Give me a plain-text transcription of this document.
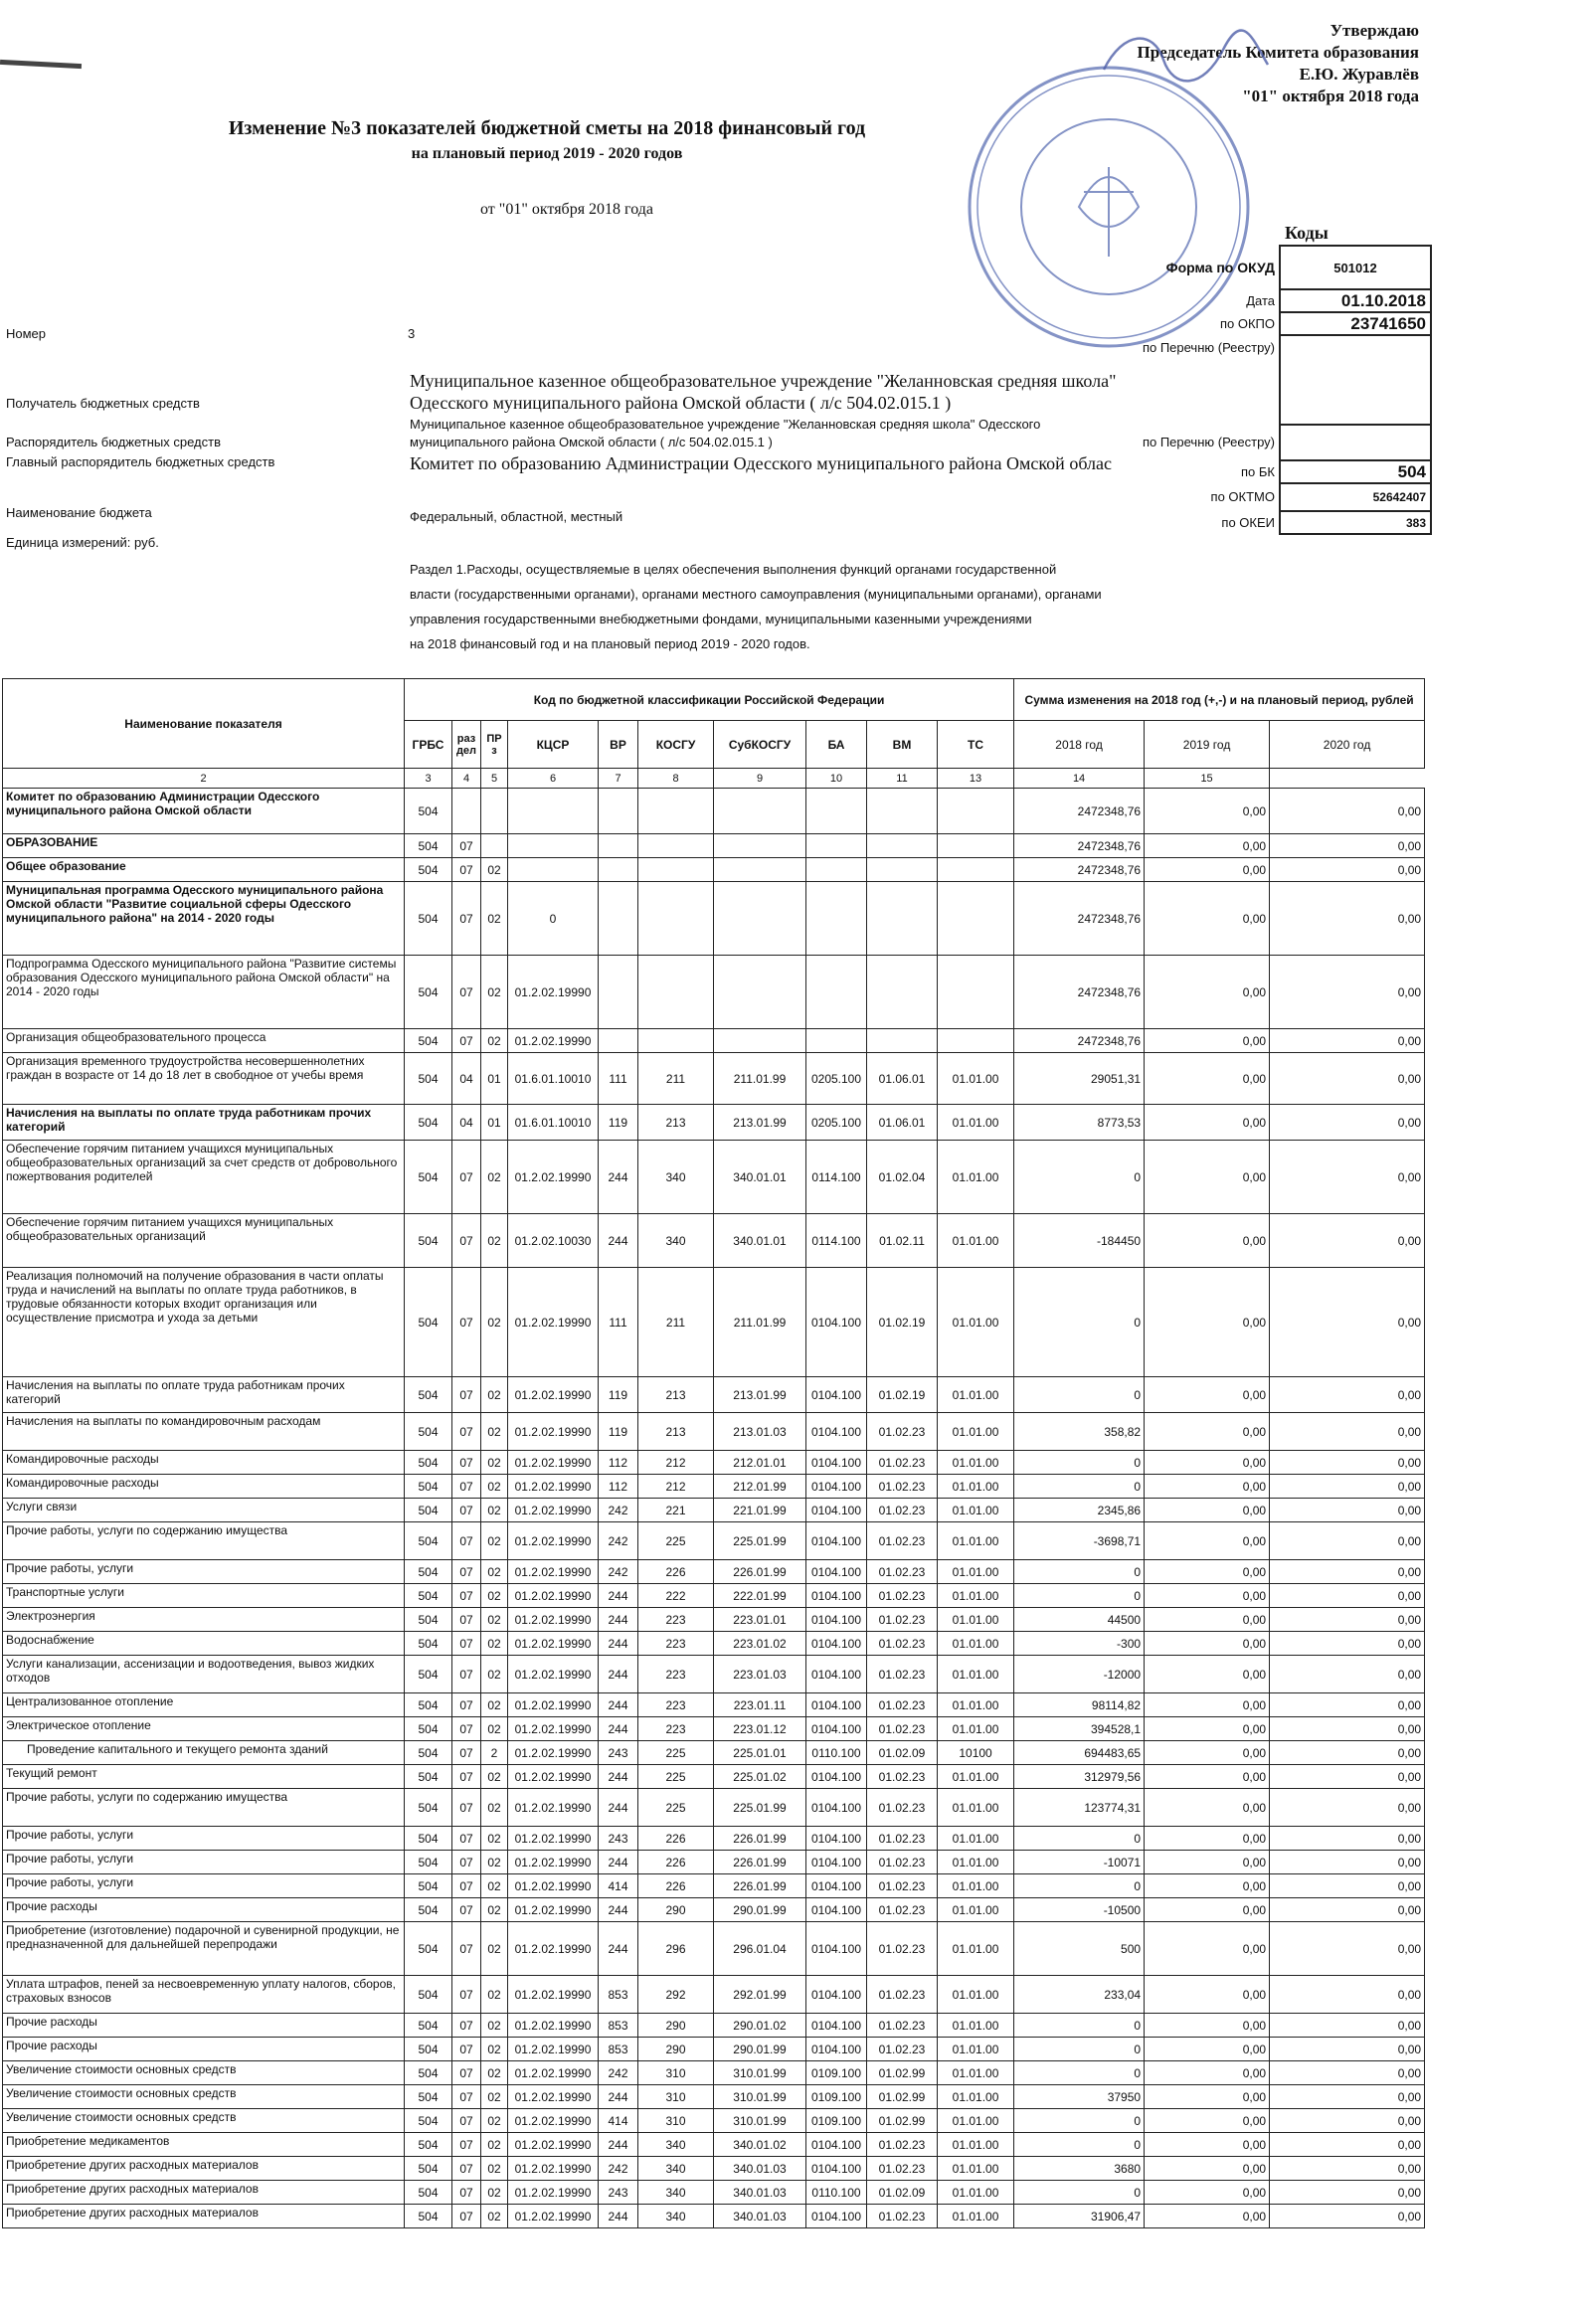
Утверждаю
Председатель Комитета образования
Е.Ю. Журавлёв
"01" октября 2018 года
Изменение №3 показателей бюджетной сметы на 2018 финансовый год
на плановый период 2019 - 2020 годов
от "01" октября 2018 года
Коды
Форма по ОКУД	501012
Дата	01.10.2018
по ОКПО	23741650
по Перечню (Реестру)	
по Перечню (Реестру)	
по БК	504
по ОКТМО	52642407
по ОКЕИ	383
Номер	3
Получатель бюджетных средств
Муниципальное казенное общеобразовательное учреждение "Желанновская средняя школа" Одесского муниципального района Омской области ( л/с 504.02.015.1 )
Распорядитель бюджетных средств
Муниципальное казенное общеобразовательное учреждение "Желанновская средняя школа" Одесского муниципального района Омской области ( л/с 504.02.015.1 )
Главный распорядитель бюджетных средств	Комитет по образованию Администрации Одесского муниципального района Омской облас
Наименование бюджета	Федеральный, областной, местный
Единица измерений: руб.
Раздел 1.Расходы, осуществляемые в целях обеспечения выполнения функций органами государственной
власти (государственными органами), органами местного самоуправления (муниципальными органами), органами
управления государственными внебюджетными фондами, муниципальными казенными учреждениями
на 2018 финансовый год и на плановый период 2019 - 2020 годов.
Наименование показателя	Код по бюджетной классификации Российской Федерации										Сумма изменения на 2018 год (+,-) и на плановый период, рублей		
	ГРБС	раздел	ПРз	КЦСР	ВР	КОСГУ	СубКОСГУ	БА	ВМ	ТС	2018 год	2019 год	2020 год
2	3	4	5	6	7	8	9	10	11	13	14	15	
Комитет по образованию Администрации Одесского муниципального района Омской области	504										2472348,76	0,00	0,00
ОБРАЗОВАНИЕ	504	07									2472348,76	0,00	0,00
Общее образование	504	07	02								2472348,76	0,00	0,00
Муниципальная программа Одесского муниципального района Омской области "Развитие социальной сферы Одесского муниципального района" на 2014 - 2020 годы	504	07	02	0							2472348,76	0,00	0,00
Подпрограмма Одесского муниципального района "Развитие системы образования Одесского муниципального района Омской области" на 2014 - 2020 годы	504	07	02	01.2.02.19990							2472348,76	0,00	0,00
Организация общеобразовательного процесса	504	07	02	01.2.02.19990							2472348,76	0,00	0,00
Организация временного трудоустройства несовершеннолетних граждан в возрасте от 14 до 18 лет в свободное от учебы время	504	04	01	01.6.01.10010	111	211	211.01.99	0205.100	01.06.01	01.01.00	29051,31	0,00	0,00
Начисления на выплаты по оплате труда работникам прочих категорий	504	04	01	01.6.01.10010	119	213	213.01.99	0205.100	01.06.01	01.01.00	8773,53	0,00	0,00
Обеспечение горячим питанием учащихся муниципальных общеобразовательных организаций за счет средств от добровольного пожертвования родителей	504	07	02	01.2.02.19990	244	340	340.01.01	0114.100	01.02.04	01.01.00	0	0,00	0,00
Обеспечение горячим питанием учащихся муниципальных общеобразовательных организаций	504	07	02	01.2.02.10030	244	340	340.01.01	0114.100	01.02.11	01.01.00	-184450	0,00	0,00
Реализация полномочий на получение образования в части оплаты труда и начислений на выплаты по оплате труда работников, в трудовые обязанности которых входит организация или осуществление присмотра и ухода за детьми	504	07	02	01.2.02.19990	111	211	211.01.99	0104.100	01.02.19	01.01.00	0	0,00	0,00
Начисления на выплаты по оплате труда работникам прочих категорий	504	07	02	01.2.02.19990	119	213	213.01.99	0104.100	01.02.19	01.01.00	0	0,00	0,00
Начисления на выплаты по командировочным расходам	504	07	02	01.2.02.19990	119	213	213.01.03	0104.100	01.02.23	01.01.00	358,82	0,00	0,00
Командировочные расходы	504	07	02	01.2.02.19990	112	212	212.01.01	0104.100	01.02.23	01.01.00	0	0,00	0,00
Командировочные расходы	504	07	02	01.2.02.19990	112	212	212.01.99	0104.100	01.02.23	01.01.00	0	0,00	0,00
Услуги связи	504	07	02	01.2.02.19990	242	221	221.01.99	0104.100	01.02.23	01.01.00	2345,86	0,00	0,00
Прочие работы, услуги по содержанию имущества	504	07	02	01.2.02.19990	242	225	225.01.99	0104.100	01.02.23	01.01.00	-3698,71	0,00	0,00
Прочие работы, услуги	504	07	02	01.2.02.19990	242	226	226.01.99	0104.100	01.02.23	01.01.00	0	0,00	0,00
Транспортные услуги	504	07	02	01.2.02.19990	244	222	222.01.99	0104.100	01.02.23	01.01.00	0	0,00	0,00
Электроэнергия	504	07	02	01.2.02.19990	244	223	223.01.01	0104.100	01.02.23	01.01.00	44500	0,00	0,00
Водоснабжение	504	07	02	01.2.02.19990	244	223	223.01.02	0104.100	01.02.23	01.01.00	-300	0,00	0,00
Услуги канализации, ассенизации и водоотведения, вывоз жидких отходов	504	07	02	01.2.02.19990	244	223	223.01.03	0104.100	01.02.23	01.01.00	-12000	0,00	0,00
Централизованное отопление	504	07	02	01.2.02.19990	244	223	223.01.11	0104.100	01.02.23	01.01.00	98114,82	0,00	0,00
Электрическое отопление	504	07	02	01.2.02.19990	244	223	223.01.12	0104.100	01.02.23	01.01.00	394528,1	0,00	0,00
Проведение капитального и текущего ремонта зданий	504	07	2	01.2.02.19990	243	225	225.01.01	0110.100	01.02.09	10100	694483,65	0,00	0,00
Текущий ремонт	504	07	02	01.2.02.19990	244	225	225.01.02	0104.100	01.02.23	01.01.00	312979,56	0,00	0,00
Прочие работы, услуги по содержанию имущества	504	07	02	01.2.02.19990	244	225	225.01.99	0104.100	01.02.23	01.01.00	123774,31	0,00	0,00
Прочие работы, услуги	504	07	02	01.2.02.19990	243	226	226.01.99	0104.100	01.02.23	01.01.00	0	0,00	0,00
Прочие работы, услуги	504	07	02	01.2.02.19990	244	226	226.01.99	0104.100	01.02.23	01.01.00	-10071	0,00	0,00
Прочие работы, услуги	504	07	02	01.2.02.19990	414	226	226.01.99	0104.100	01.02.23	01.01.00	0	0,00	0,00
Прочие расходы	504	07	02	01.2.02.19990	244	290	290.01.99	0104.100	01.02.23	01.01.00	-10500	0,00	0,00
Приобретение (изготовление) подарочной и сувенирной продукции, не предназначенной для дальнейшей перепродажи	504	07	02	01.2.02.19990	244	296	296.01.04	0104.100	01.02.23	01.01.00	500	0,00	0,00
Уплата штрафов, пеней за несвоевременную уплату налогов, сборов, страховых взносов	504	07	02	01.2.02.19990	853	292	292.01.99	0104.100	01.02.23	01.01.00	233,04	0,00	0,00
Прочие расходы	504	07	02	01.2.02.19990	853	290	290.01.02	0104.100	01.02.23	01.01.00	0	0,00	0,00
Прочие расходы	504	07	02	01.2.02.19990	853	290	290.01.99	0104.100	01.02.23	01.01.00	0	0,00	0,00
Увеличение стоимости основных средств	504	07	02	01.2.02.19990	242	310	310.01.99	0109.100	01.02.99	01.01.00	0	0,00	0,00
Увеличение стоимости основных средств	504	07	02	01.2.02.19990	244	310	310.01.99	0109.100	01.02.99	01.01.00	37950	0,00	0,00
Увеличение стоимости основных средств	504	07	02	01.2.02.19990	414	310	310.01.99	0109.100	01.02.99	01.01.00	0	0,00	0,00
Приобретение медикаментов	504	07	02	01.2.02.19990	244	340	340.01.02	0104.100	01.02.23	01.01.00	0	0,00	0,00
Приобретение других расходных материалов	504	07	02	01.2.02.19990	242	340	340.01.03	0104.100	01.02.23	01.01.00	3680	0,00	0,00
Приобретение других расходных материалов	504	07	02	01.2.02.19990	243	340	340.01.03	0110.100	01.02.09	01.01.00	0	0,00	0,00
Приобретение других расходных материалов	504	07	02	01.2.02.19990	244	340	340.01.03	0104.100	01.02.23	01.01.00	31906,47	0,00	0,00
